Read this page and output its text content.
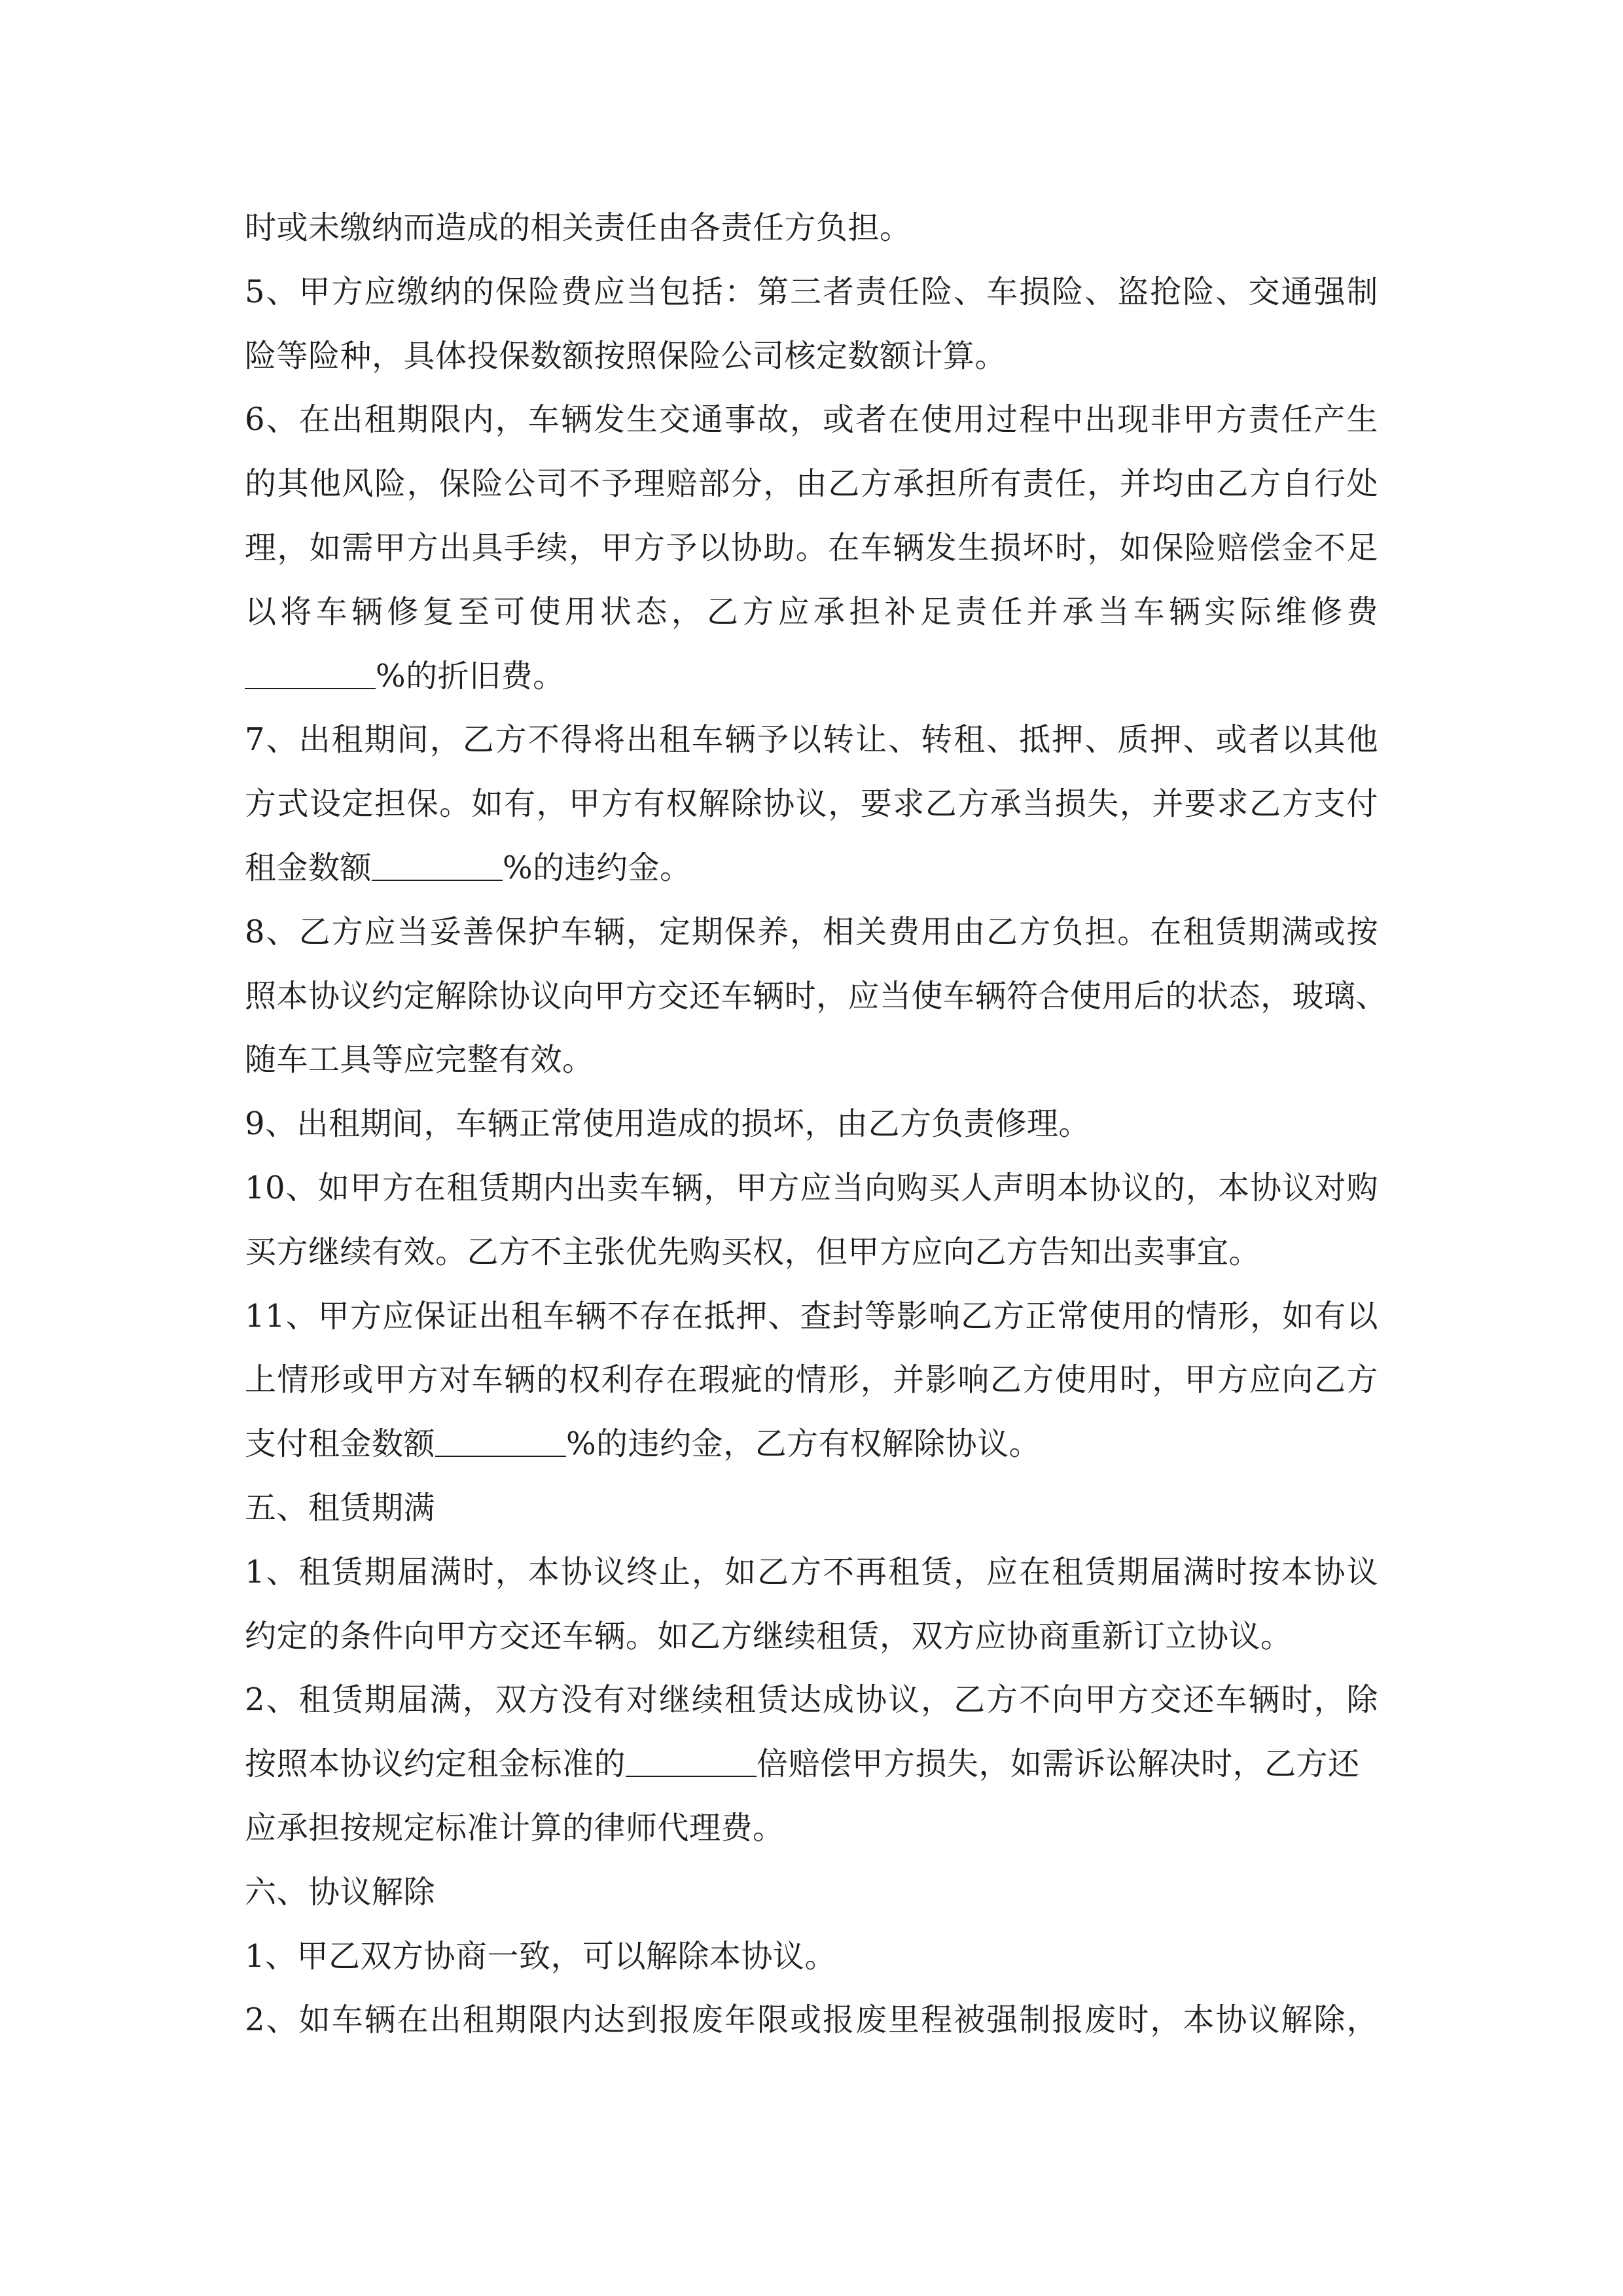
时或未缴纳而造成的相关责任由各责任方负担。
5、甲方应缴纳的保险费应当包括：第三者责任险、车损险、盗抢险、交通强制
险等险种，具体投保数额按照保险公司核定数额计算。
6、在出租期限内，车辆发生交通事故，或者在使用过程中出现非甲方责任产生
的其他风险，保险公司不予理赔部分，由乙方承担所有责任，并均由乙方自行处
理，如需甲方出具手续，甲方予以协助。在车辆发生损坏时，如保险赔偿金不足
以将车辆修复至可使用状态，乙方应承担补足责任并承当车辆实际维修费
%的折旧费。
7、出租期间，乙方不得将出租车辆予以转让、转租、抵押、质押、或者以其他
方式设定担保。如有，甲方有权解除协议，要求乙方承当损失，并要求乙方支付
租金数额	%的违约金。
8、乙方应当妥善保护车辆，定期保养，相关费用由乙方负担。在租赁期满或按
照本协议约定解除协议向甲方交还车辆时，应当使车辆符合使用后的状态，玻璃、
随车工具等应完整有效。
9、出租期间，车辆正常使用造成的损坏，由乙方负责修理。
10、如甲方在租赁期内出卖车辆，甲方应当向购买人声明本协议的，本协议对购
买方继续有效。乙方不主张优先购买权，但甲方应向乙方告知出卖事宜。
11、甲方应保证出租车辆不存在抵押、查封等影响乙方正常使用的情形，如有以
上情形或甲方对车辆的权利存在瑕疵的情形，并影响乙方使用时，甲方应向乙方
支付租金数额	%的违约金，乙方有权解除协议。
五、租赁期满
1、租赁期届满时，本协议终止，如乙方不再租赁，应在租赁期届满时按本协议
约定的条件向甲方交还车辆。如乙方继续租赁，双方应协商重新订立协议。
2、租赁期届满，双方没有对继续租赁达成协议，乙方不向甲方交还车辆时，除
按照本协议约定租金标准的	倍赔偿甲方损失，如需诉讼解决时，乙方还
应承担按规定标准计算的律师代理费。
六、协议解除
1、甲乙双方协商一致，可以解除本协议。
2、如车辆在出租期限内达到报废年限或报废里程被强制报废时，本协议解除，
